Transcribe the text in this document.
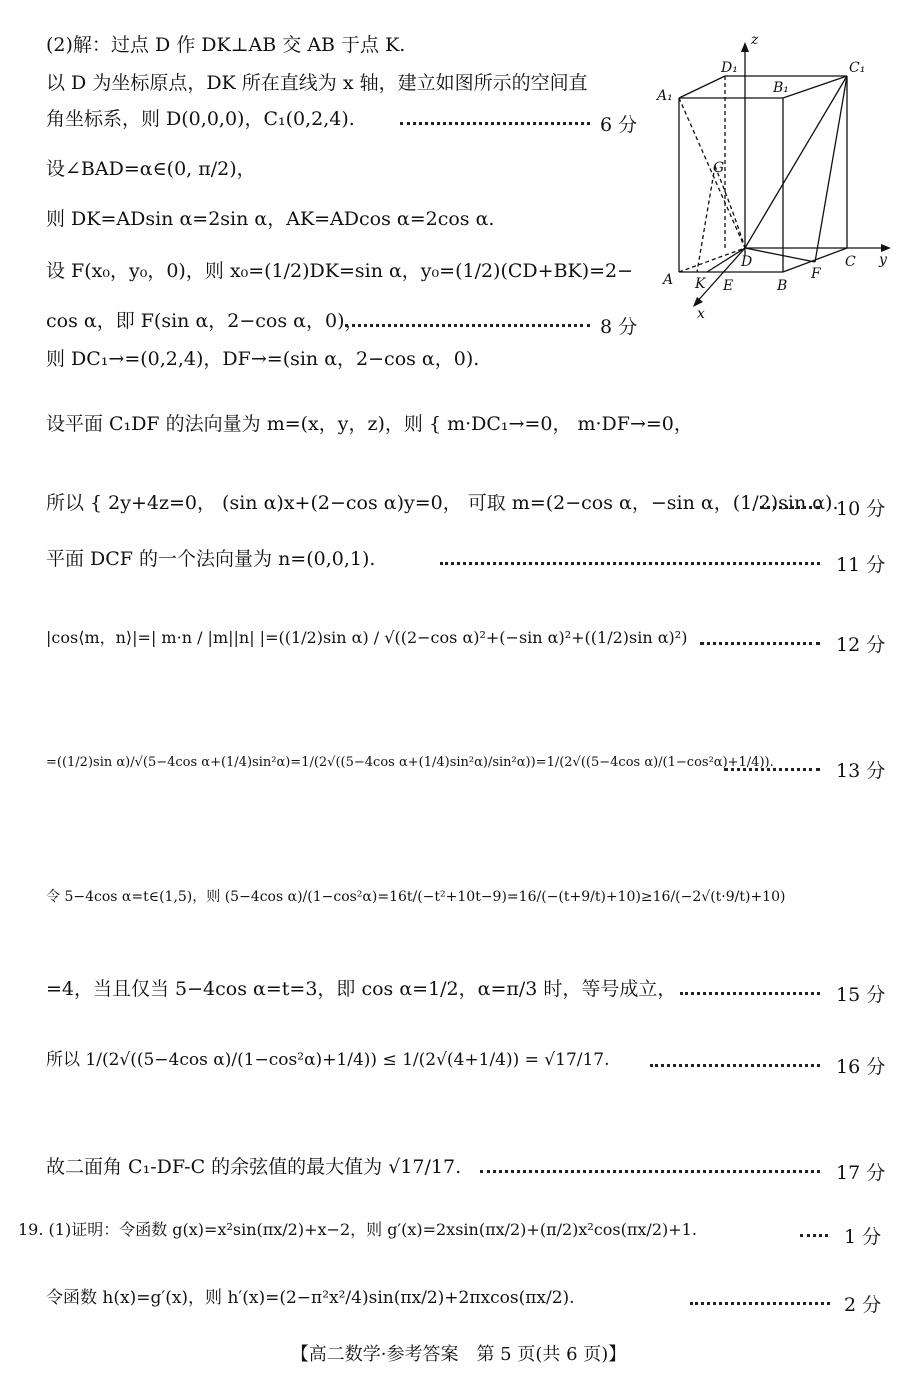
z
y
x
D₁
B₁
C₁
A₁
G
D
A K E	B
F
C
(2)解：过点 D 作 DK⊥AB 交 AB 于点 K.
以 D 为坐标原点，DK 所在直线为 x 轴，建立如图所示的空间直
角坐标系，则 D(0,0,0)，C₁(0,2,4).	6 分
设∠BAD=α∈(0, π/2)，
则 DK=ADsin α=2sin α，AK=ADcos α=2cos α.
设 F(x₀，y₀，0)，则 x₀=(1/2)DK=sin α，y₀=(1/2)(CD+BK)=2−
cos α，即 F(sin α，2−cos α，0)，	8 分
则 DC₁→=(0,2,4)，DF→=(sin α，2−cos α，0).
设平面 C₁DF 的法向量为 m=(x，y，z)，则 { m·DC₁→=0， m·DF→=0，
所以 { 2y+4z=0， (sin α)x+(2−cos α)y=0， 可取 m=(2−cos α，−sin α，(1/2)sin α).
10 分
平面 DCF 的一个法向量为 n=(0,0,1).	11 分
|cos⟨m，n⟩|=| m·n / |m||n| |=((1/2)sin α) / √((2−cos α)²+(−sin α)²+((1/2)sin α)²)	12 分
=((1/2)sin α)/√(5−4cos α+(1/4)sin²α)=1/(2√((5−4cos α+(1/4)sin²α)/sin²α))=1/(2√((5−4cos α)/(1−cos²α)+1/4)).	13 分
令 5−4cos α=t∈(1,5)，则 (5−4cos α)/(1−cos²α)=16t/(−t²+10t−9)=16/(−(t+9/t)+10)≥16/(−2√(t·9/t)+10)
=4，当且仅当 5−4cos α=t=3，即 cos α=1/2，α=π/3 时，等号成立，	15 分
所以 1/(2√((5−4cos α)/(1−cos²α)+1/4)) ≤ 1/(2√(4+1/4)) = √17/17.	16 分
故二面角 C₁-DF-C 的余弦值的最大值为 √17/17.	17 分
19. (1)证明：令函数 g(x)=x²sin(πx/2)+x−2，则 g′(x)=2xsin(πx/2)+(π/2)x²cos(πx/2)+1.	1 分
令函数 h(x)=g′(x)，则 h′(x)=(2−π²x²/4)sin(πx/2)+2πxcos(πx/2).	2 分
【高二数学·参考答案　第 5 页(共 6 页)】
